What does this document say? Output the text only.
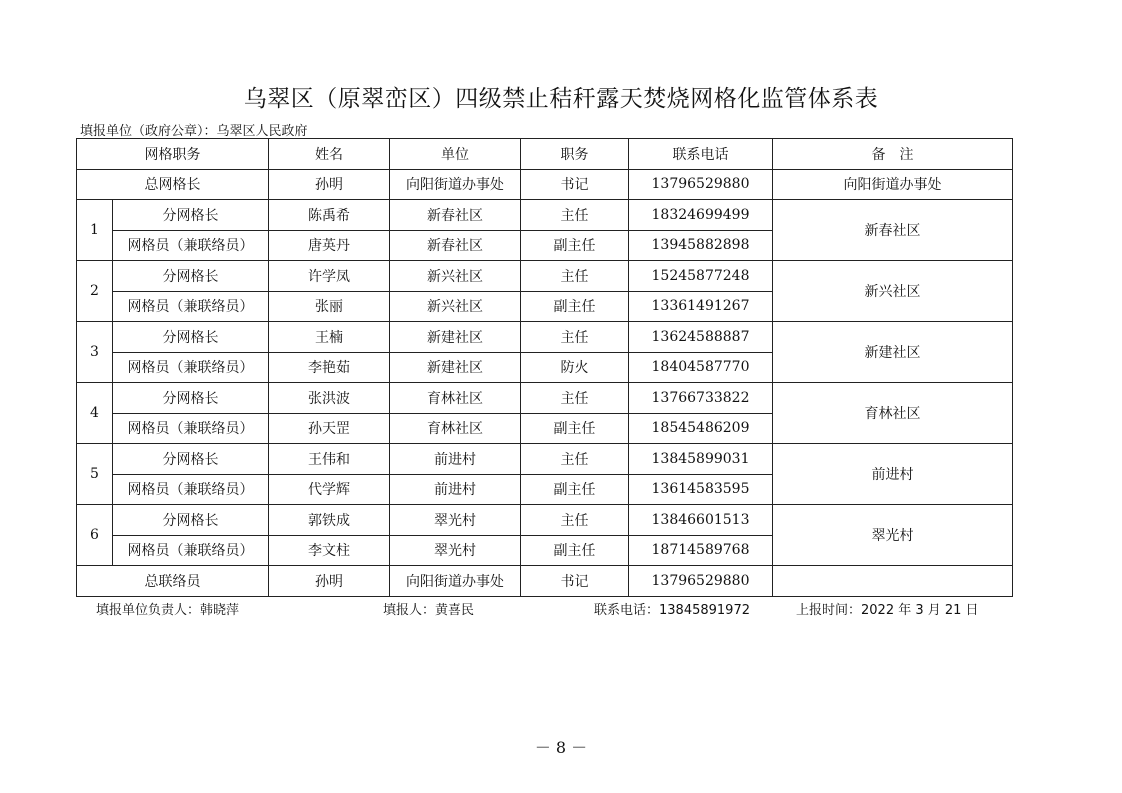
乌翠区（原翠峦区）四级禁止秸秆露天焚烧网格化监管体系表
填报单位（政府公章）：乌翠区人民政府
网格职务		姓名	单位	职务	联系电话	备　注
总网格长		孙明	向阳街道办事处	书记	13796529880	向阳街道办事处
1	分网格长	陈禹希	新春社区	主任	18324699499	新春社区
	网格员（兼联络员）	唐英丹	新春社区	副主任	13945882898	
2	分网格长	许学凤	新兴社区	主任	15245877248	新兴社区
	网格员（兼联络员）	张丽	新兴社区	副主任	13361491267	
3	分网格长	王楠	新建社区	主任	13624588887	新建社区
	网格员（兼联络员）	李艳茹	新建社区	防火	18404587770	
4	分网格长	张洪波	育林社区	主任	13766733822	育林社区
	网格员（兼联络员）	孙天罡	育林社区	副主任	18545486209	
5	分网格长	王伟和	前进村	主任	13845899031	前进村
	网格员（兼联络员）	代学辉	前进村	副主任	13614583595	
6	分网格长	郭铁成	翠光村	主任	13846601513	翠光村
	网格员（兼联络员）	李文柱	翠光村	副主任	18714589768	
总联络员		孙明	向阳街道办事处	书记	13796529880	
填报单位负责人：韩晓萍	填报人：黄喜民	联系电话：13845891972	上报时间：2022 年 3 月 21 日
－ 8 －
